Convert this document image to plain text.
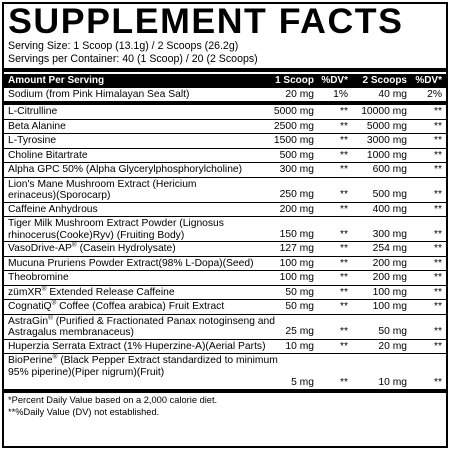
SUPPLEMENT FACTS
Serving Size: 1 Scoop (13.1g) / 2 Scoops (26.2g)
Servings per Container: 40 (1 Scoop) / 20 (2 Scoops)
Amount Per Serving	1 Scoop %DV* 2 Scoops %DV*
Sodium (from Pink Himalayan Sea Salt)	20 mg 1%	40 mg 2%
L-Citrulline	5000 mg	** 10000 mg	**
Beta Alanine	2500 mg	** 5000 mg	**
L-Tyrosine	1500 mg	** 3000 mg	**
Choline Bitartrate	500 mg	** 1000 mg	**
Alpha GPC 50% (Alpha Glycerylphosphorylcholine)	300 mg	** 600 mg	**
Lion's Mane Mushroom Extract (Hericium erinaceus)(Sporocarp)	250 mg	** 500 mg	**
Caffeine Anhydrous	200 mg	** 400 mg	**
Tiger Milk Mushroom Extract Powder (Lignosus rhinocerus(Cooke)Ryv) (Fruiting Body)	150 mg	** 300 mg	**
VasoDrive-AP® (Casein Hydrolysate)	127 mg	** 254 mg	**
Mucuna Pruriens Powder Extract(98% L-Dopa)(Seed)	100 mg	** 200 mg	**
Theobromine	100 mg	** 200 mg	**
zümXR® Extended Release Caffeine	50 mg	** 100 mg	**
CognatiQ® Coffee (Coffea arabica) Fruit Extract	50 mg	** 100 mg	**
AstraGin® (Purified & Fractionated Panax notoginseng and Astragalus membranaceus)	25 mg	**	50 mg	**
Huperzia Serrata Extract (1% Huperzine-A)(Aerial Parts)	10 mg	**	20 mg	**
BioPerine® (Black Pepper Extract standardized to minimum 95% piperine)(Piper nigrum)(Fruit)
5 mg	**	10 mg	**
*Percent Daily Value based on a 2,000 calorie diet.
**%Daily Value (DV) not established.
